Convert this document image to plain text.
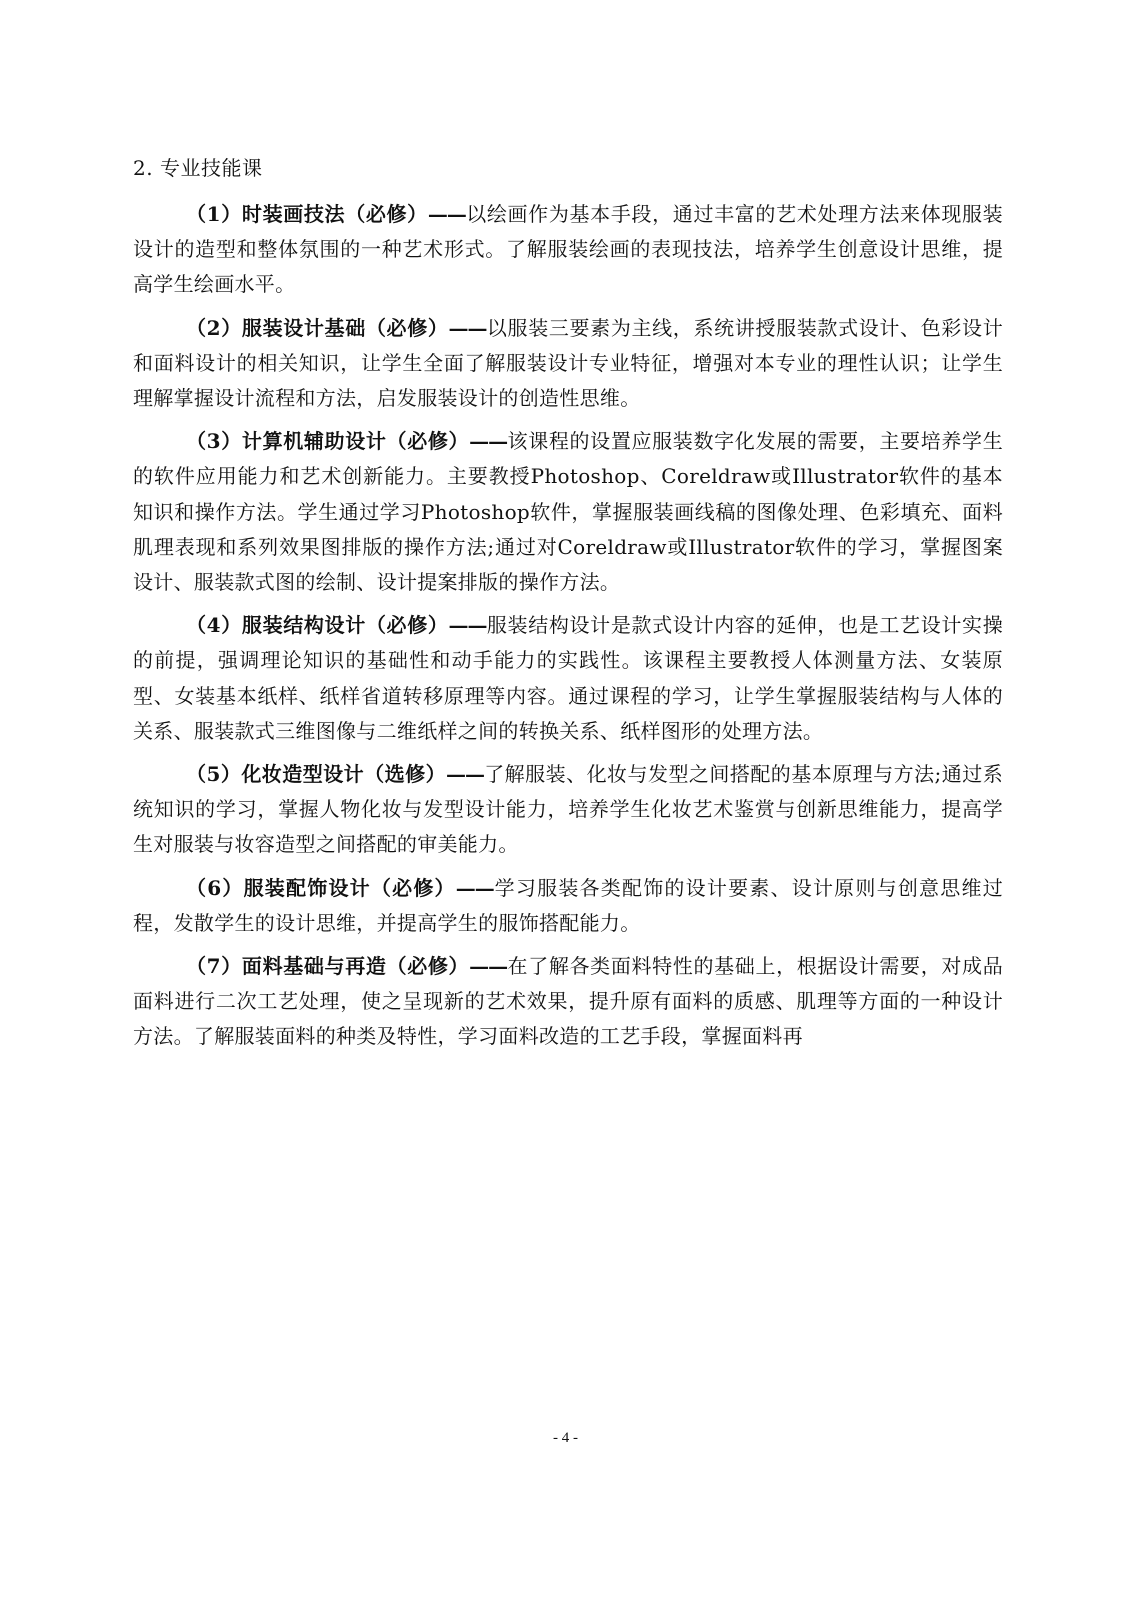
2. 专业技能课

（1）时装画技法（必修）——以绘画作为基本手段，通过丰富的艺术处理方法来体现服装设计的造型和整体氛围的一种艺术形式。了解服装绘画的表现技法，培养学生创意设计思维，提高学生绘画水平。

（2）服装设计基础（必修）——以服装三要素为主线，系统讲授服装款式设计、色彩设计和面料设计的相关知识，让学生全面了解服装设计专业特征，增强对本专业的理性认识；让学生理解掌握设计流程和方法，启发服装设计的创造性思维。

（3）计算机辅助设计（必修）——该课程的设置应服装数字化发展的需要，主要培养学生的软件应用能力和艺术创新能力。主要教授Photoshop、Coreldraw或Illustrator软件的基本知识和操作方法。学生通过学习Photoshop软件，掌握服装画线稿的图像处理、色彩填充、面料肌理表现和系列效果图排版的操作方法;通过对Coreldraw或Illustrator软件的学习，掌握图案设计、服装款式图的绘制、设计提案排版的操作方法。

（4）服装结构设计（必修）——服装结构设计是款式设计内容的延伸，也是工艺设计实操的前提，强调理论知识的基础性和动手能力的实践性。该课程主要教授人体测量方法、女装原型、女装基本纸样、纸样省道转移原理等内容。通过课程的学习，让学生掌握服装结构与人体的关系、服装款式三维图像与二维纸样之间的转换关系、纸样图形的处理方法。

（5）化妆造型设计（选修）——了解服装、化妆与发型之间搭配的基本原理与方法;通过系统知识的学习，掌握人物化妆与发型设计能力，培养学生化妆艺术鉴赏与创新思维能力，提高学生对服装与妆容造型之间搭配的审美能力。

（6）服装配饰设计（必修）——学习服装各类配饰的设计要素、设计原则与创意思维过程，发散学生的设计思维，并提高学生的服饰搭配能力。

（7）面料基础与再造（必修）——在了解各类面料特性的基础上，根据设计需要，对成品面料进行二次工艺处理，使之呈现新的艺术效果，提升原有面料的质感、肌理等方面的一种设计方法。了解服装面料的种类及特性，学习面料改造的工艺手段，掌握面料再

- 4 -
